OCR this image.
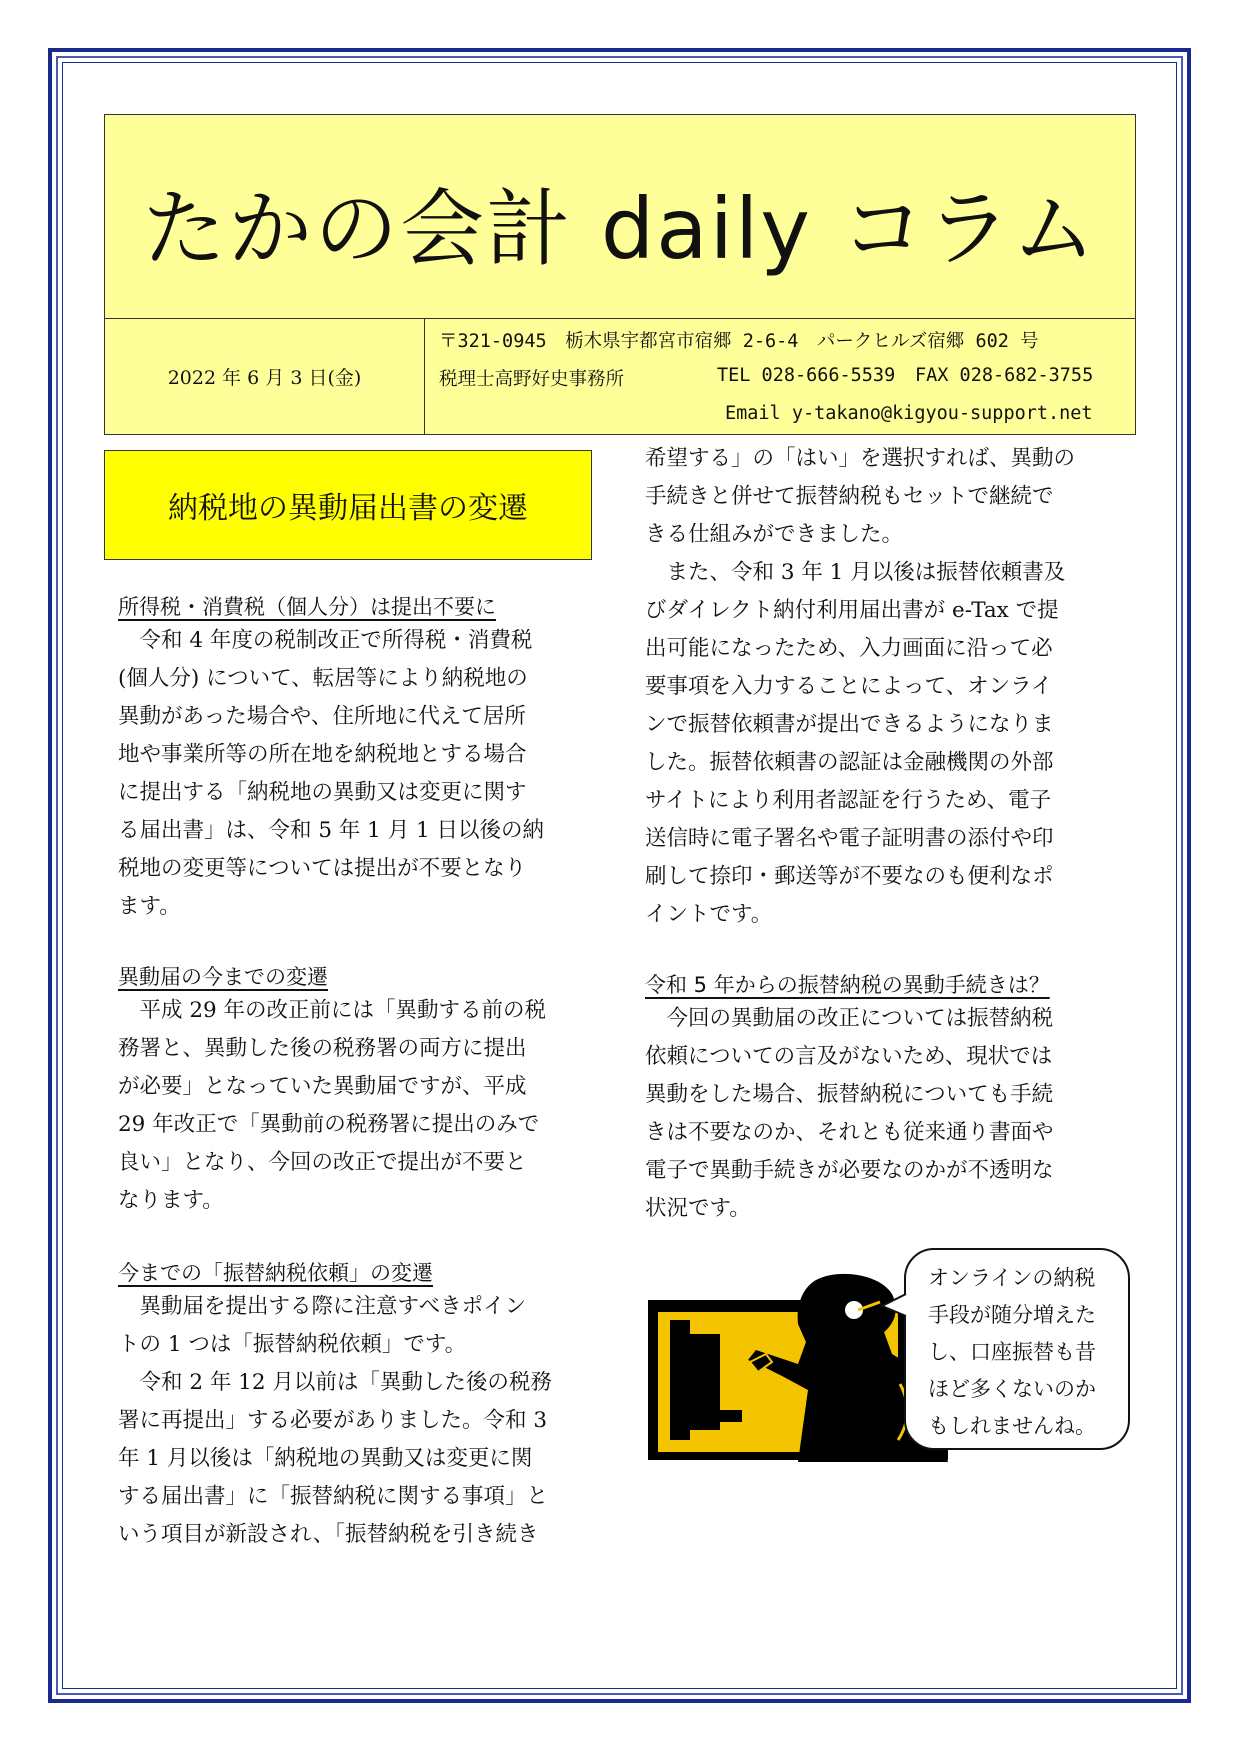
たかの会計 daily コラム
2022 年 6 月 3 日(金)
〒321-0945　栃木県宇都宮市宿郷 2-6-4　パークヒルズ宿郷 602 号
税理士高野好史事務所	TEL 028-666-5539 FAX 028-682-3755
Email y-takano@kigyou-support.net
納税地の異動届出書の変遷
所得税・消費税（個人分）は提出不要に

　令和 4 年度の税制改正で所得税・消費税

(個人分) について、転居等により納税地の

異動があった場合や、住所地に代えて居所

地や事業所等の所在地を納税地とする場合

に提出する「納税地の異動又は変更に関す

る届出書」は、令和 5 年 1 月 1 日以後の納

税地の変更等については提出が不要となり

ます。

異動届の今までの変遷

　平成 29 年の改正前には「異動する前の税

務署と、異動した後の税務署の両方に提出

が必要」となっていた異動届ですが、平成

29 年改正で「異動前の税務署に提出のみで

良い」となり、今回の改正で提出が不要と

なります。

今までの「振替納税依頼」の変遷

　異動届を提出する際に注意すべきポイン

トの 1 つは「振替納税依頼」です。

　令和 2 年 12 月以前は「異動した後の税務

署に再提出」する必要がありました。令和 3

年 1 月以後は「納税地の異動又は変更に関

する届出書」に「振替納税に関する事項」と

いう項目が新設され、「振替納税を引き続き

希望する」の「はい」を選択すれば、異動の

手続きと併せて振替納税もセットで継続で

きる仕組みができました。

　また、令和 3 年 1 月以後は振替依頼書及

びダイレクト納付利用届出書が e-Tax で提

出可能になったため、入力画面に沿って必

要事項を入力することによって、オンライ

ンで振替依頼書が提出できるようになりま

した。振替依頼書の認証は金融機関の外部

サイトにより利用者認証を行うため、電子

送信時に電子署名や電子証明書の添付や印

刷して捺印・郵送等が不要なのも便利なポ

イントです。

令和 5 年からの振替納税の異動手続きは？

　今回の異動届の改正については振替納税

依頼についての言及がないため、現状では

異動をした場合、振替納税についても手続

きは不要なのか、それとも従来通り書面や

電子で異動手続きが必要なのかが不透明な

状況です。

オンラインの納税

手段が随分増えた

し、口座振替も昔

ほど多くないのか

もしれませんね。
